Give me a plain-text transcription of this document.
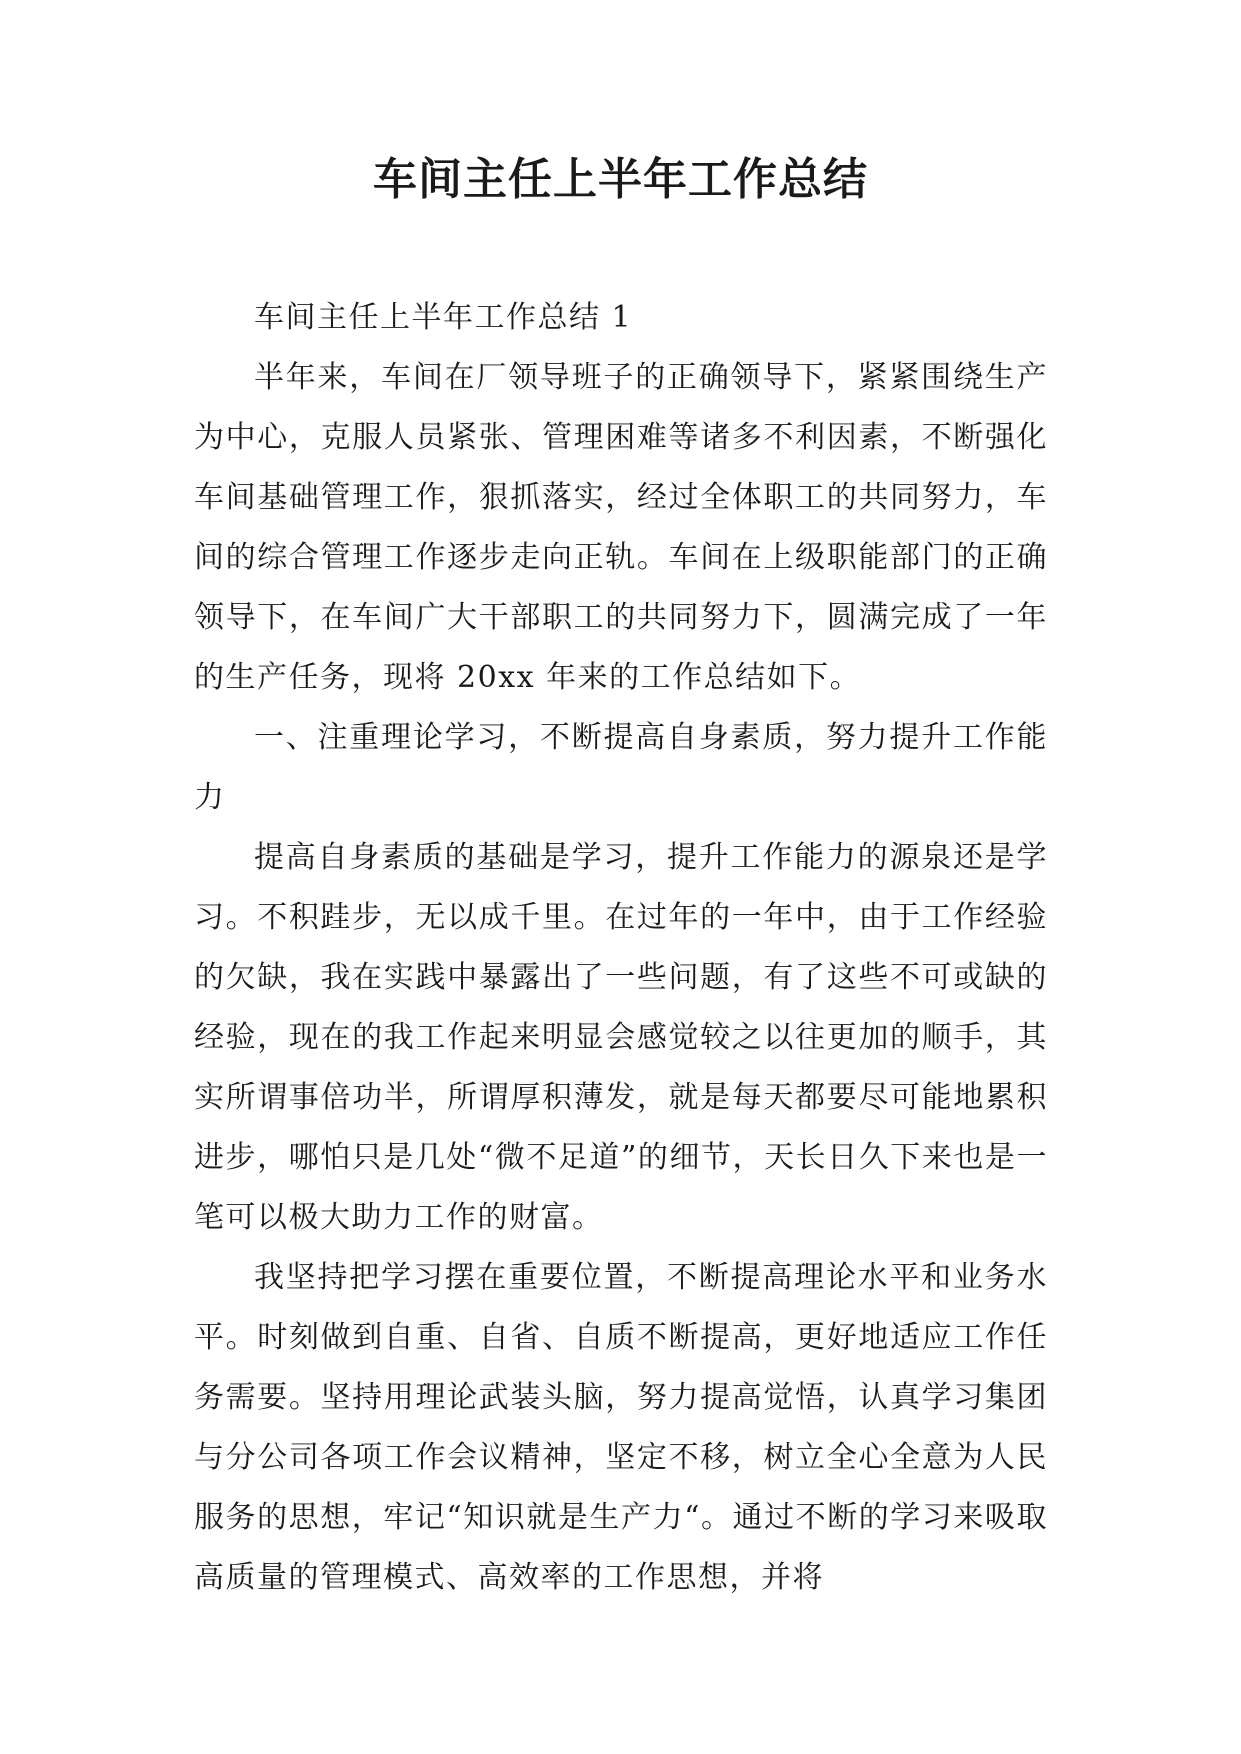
车间主任上半年工作总结

车间主任上半年工作总结 1

半年来，车间在厂领导班子的正确领导下，紧紧围绕生产为中心，克服人员紧张、管理困难等诸多不利因素，不断强化车间基础管理工作，狠抓落实，经过全体职工的共同努力，车间的综合管理工作逐步走向正轨。车间在上级职能部门的正确领导下，在车间广大干部职工的共同努力下，圆满完成了一年的生产任务，现将 20xx 年来的工作总结如下。

一、注重理论学习，不断提高自身素质，努力提升工作能力

提高自身素质的基础是学习，提升工作能力的源泉还是学习。不积跬步，无以成千里。在过年的一年中，由于工作经验的欠缺，我在实践中暴露出了一些问题，有了这些不可或缺的经验，现在的我工作起来明显会感觉较之以往更加的顺手，其实所谓事倍功半，所谓厚积薄发，就是每天都要尽可能地累积进步，哪怕只是几处“微不足道”的细节，天长日久下来也是一笔可以极大助力工作的财富。

我坚持把学习摆在重要位置，不断提高理论水平和业务水平。时刻做到自重、自省、自质不断提高，更好地适应工作任务需要。坚持用理论武装头脑，努力提高觉悟，认真学习集团与分公司各项工作会议精神，坚定不移，树立全心全意为人民服务的思想，牢记“知识就是生产力“。通过不断的学习来吸取高质量的管理模式、高效率的工作思想，并将
